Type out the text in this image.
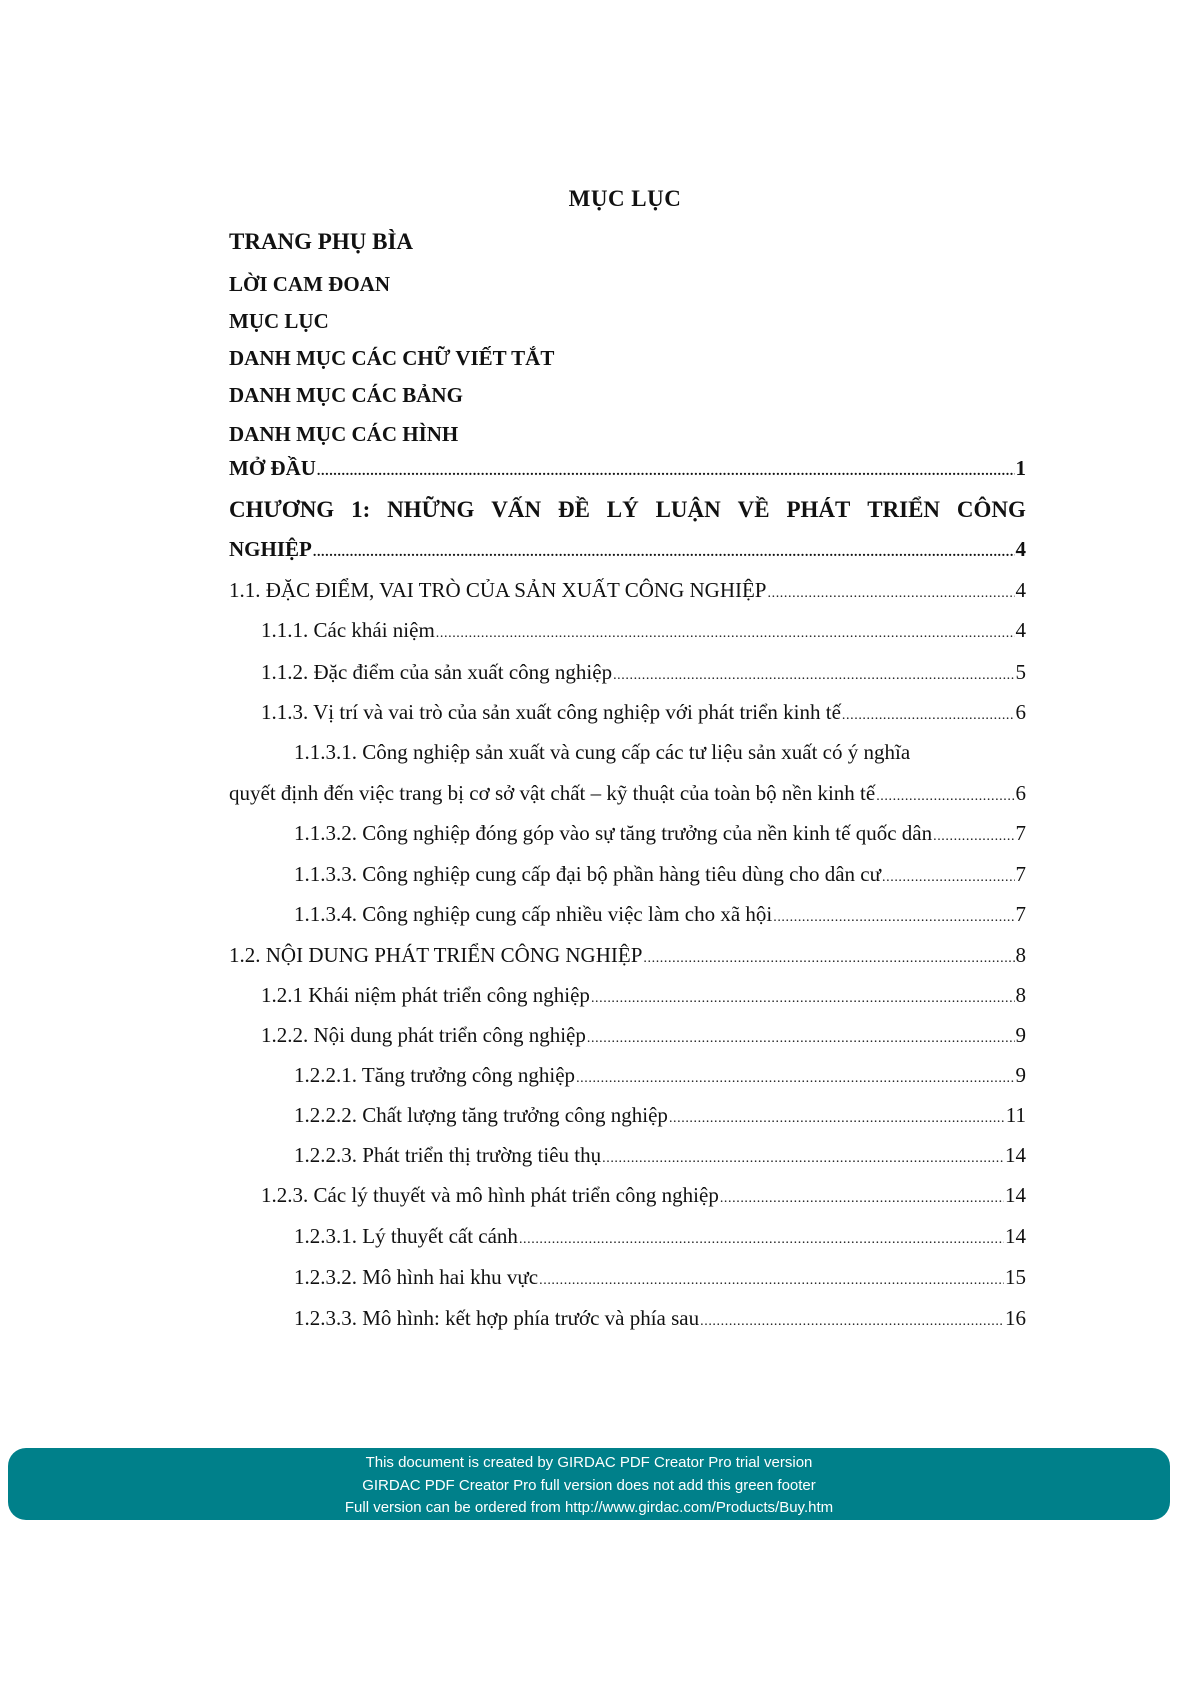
MỤC LỤC
TRANG PHỤ BÌA
LỜI CAM ĐOAN
MỤC LỤC
DANH MỤC CÁC CHỮ VIẾT TẮT
DANH MỤC CÁC BẢNG
DANH MỤC CÁC HÌNH
MỞ ĐẦU .....	1
CHƯƠNG 1: NHỮNG VẤN ĐỀ LÝ LUẬN VỀ PHÁT TRIỂN CÔNG
NGHIỆP .....	4
1.1. ĐẶC ĐIỂM, VAI TRÒ CỦA SẢN XUẤT CÔNG NGHIỆP .....	4
1.1.1. Các khái niệm .....	4
1.1.2. Đặc điểm của sản xuất công nghiệp .....	5
1.1.3. Vị trí và vai trò của sản xuất công nghiệp với phát triển kinh tế .....	6
1.1.3.1. Công nghiệp sản xuất và cung cấp các tư liệu sản xuất có ý nghĩa
quyết định đến việc trang bị cơ sở vật chất – kỹ thuật của toàn bộ nền kinh tế .....	6
1.1.3.2. Công nghiệp đóng góp vào sự tăng trưởng của nền kinh tế quốc dân .....	7
1.1.3.3. Công nghiệp cung cấp đại bộ phần hàng tiêu dùng cho dân cư .....	7
1.1.3.4. Công nghiệp cung cấp nhiều việc làm cho xã hội .....	7
1.2. NỘI DUNG PHÁT TRIỂN CÔNG NGHIỆP .....	8
1.2.1 Khái niệm phát triển công nghiệp .....	8
1.2.2. Nội dung phát triển công nghiệp .....	9
1.2.2.1. Tăng trưởng công nghiệp .....	9
1.2.2.2. Chất lượng tăng trưởng công nghiệp .....	11
1.2.2.3. Phát triển thị trường tiêu thụ .....	14
1.2.3. Các lý thuyết và mô hình phát triển công nghiệp .....	14
1.2.3.1. Lý thuyết cất cánh .....	14
1.2.3.2. Mô hình hai khu vực .....	15
1.2.3.3. Mô hình: kết hợp phía trước và phía sau .....	16
This document is created by GIRDAC PDF Creator Pro trial version
GIRDAC PDF Creator Pro full version does not add this green footer
Full version can be ordered from http://www.girdac.com/Products/Buy.htm
